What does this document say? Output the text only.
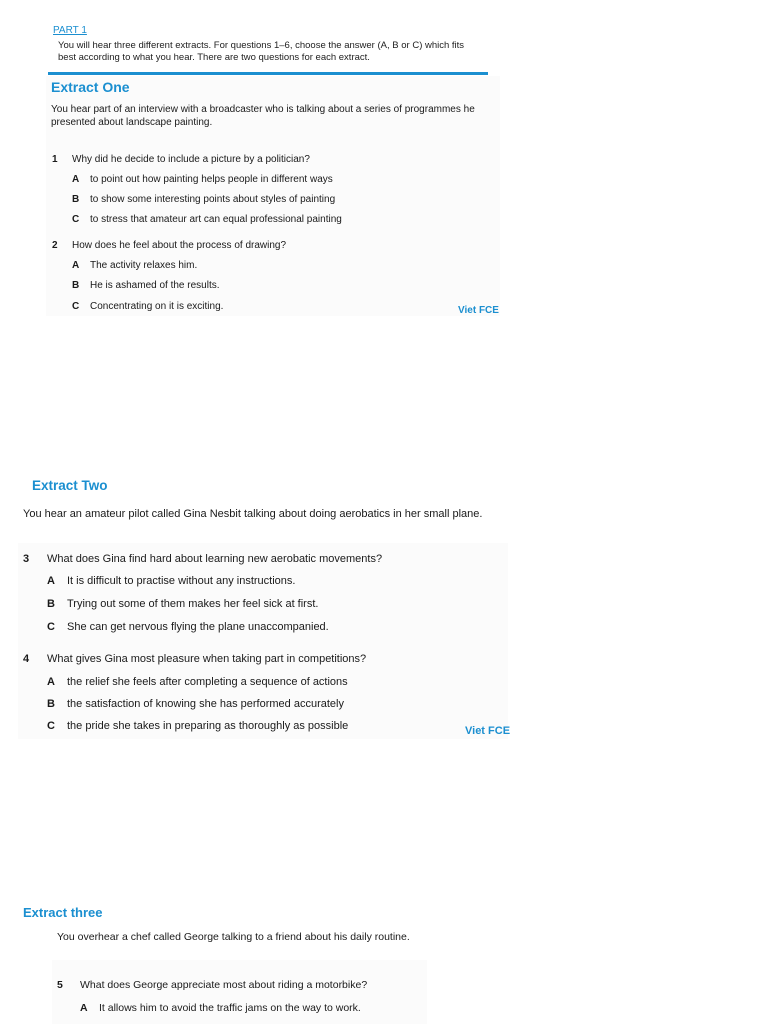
PART 1
You will hear three different extracts. For questions 1–6, choose the answer (A, B or C) which fits
best according to what you hear. There are two questions for each extract.
Extract One
You hear part of an interview with a broadcaster who is talking about a series of programmes he
presented about landscape painting.
1 Why did he decide to include a picture by a politician?
A to point out how painting helps people in different ways
B to show some interesting points about styles of painting
C to stress that amateur art can equal professional painting
2 How does he feel about the process of drawing?
A The activity relaxes him.
B He is ashamed of the results.
C Concentrating on it is exciting.	Viet FCE
Extract Two
You hear an amateur pilot called Gina Nesbit talking about doing aerobatics in her small plane.
3 What does Gina find hard about learning new aerobatic movements?
A It is difficult to practise without any instructions.
B Trying out some of them makes her feel sick at first.
C She can get nervous flying the plane unaccompanied.
4 What gives Gina most pleasure when taking part in competitions?
A the relief she feels after completing a sequence of actions
B the satisfaction of knowing she has performed accurately
C the pride she takes in preparing as thoroughly as possible	Viet FCE
Extract three
You overhear a chef called George talking to a friend about his daily routine.
5 What does George appreciate most about riding a motorbike?
A It allows him to avoid the traffic jams on the way to work.
